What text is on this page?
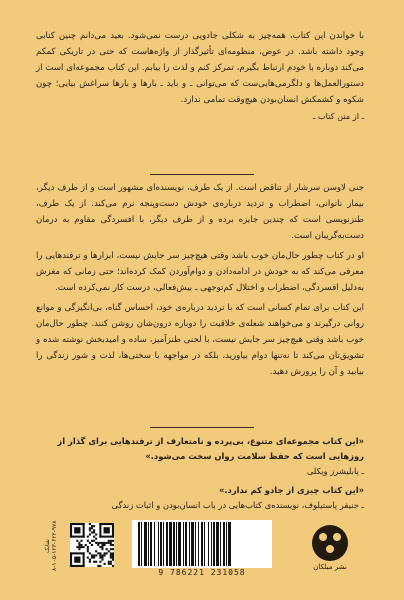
با خواندن این کتاب، همه‌چیز به شکلی جادویی درست نمی‌شود. بعید می‌دانم چنین کتابی وجود داشته باشد. در عوض، منظومه‌ای تأثیرگذار از واژه‌هاست که حتی در تاریکی کمکم می‌کند دوباره با خودم ارتباط بگیرم، تمرکز کنم و لذت را بیابم. این کتاب مجموعه‌ای است از دستورالعمل‌ها و دلگرمی‌هایی‌ست که می‌توانی ـ و باید ـ بارها و بارها سراغش بیایی؛ چون شکوه و کشمکش انسان‌بودن هیچ‌وقت تمامی ندارد.

ـ از متن کتاب ـ

جنی لاوسن سرشار از تناقض است. از یک طرف، نویسنده‌ای مشهور است و از طرف دیگر، بیمار ناتوانی، اضطراب و تردید درباره‌ی خودش دست‌وپنجه نرم می‌کند. از یک طرف، طنزنویسی است که چندین جایزه برده و از طرف دیگر، با افسردگی مقاوم به درمان دست‌به‌گریبان است.

او در کتاب چطور حال‌مان خوب باشد وقتی هیچ‌چیز سر جایش نیست، ابزارها و ترفندهایی را معرفی می‌کند که به خودش در ادامه‌دادن و دوام‌آوردن کمک کرده‌اند؛ حتی زمانی که مغزش به‌دلیل افسردگی، اضطراب و اختلال کم‌توجهی ـ بیش‌فعالی، درست کار نمی‌کرده است.

این کتاب برای تمام کسانی است که با تردید درباره‌ی خود، احساس گناه، بی‌انگیزگی و موانع روانی درگیرند و می‌خواهند شعله‌ی خلاقیت را دوباره درون‌شان روشن کنند. چطور حال‌مان خوب باشد وقتی هیچ‌چیز سر جایش نیست، با لحنی طنزآمیز، ساده و امیدبخش نوشته شده و تشویق‌تان می‌کند تا نه‌تنها دوام بیاورید، بلکه در مواجهه با سختی‌ها، لذت و شور زندگی را بیابید و آن را پرورش دهید.

«این کتاب مجموعه‌ای متنوع، بی‌پرده و نامتعارف از ترفندهایی برای گذار از روزهایی است که حفظ سلامت روان سخت می‌شود.»
ـ پابلیشرز ویکلی
«این کتاب چیزی از جادو کم ندارد.»
ـ جنیفر پاستیلوف، نویسنده‌ی کتاب‌هایی در باب انسان‌بودن و اثبات زندگی
نشر میلکان
9 786221 231058
شابک ۹۷۸-۶۲۲-۱۲۳-۱۰۵-۸
